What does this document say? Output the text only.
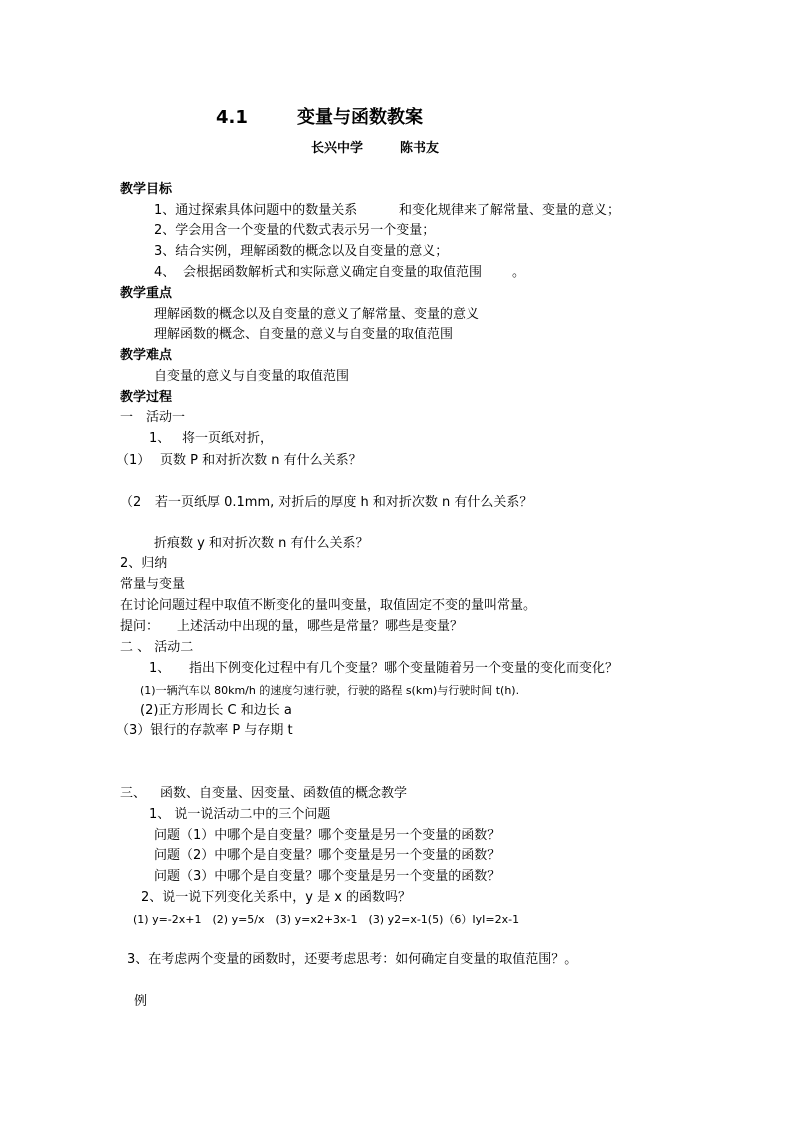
4.1	变量与函数教案
长兴中学	陈书友
教学目标
1、通过探索具体问题中的数量关系	和变化规律来了解常量、变量的意义；
2、学会用含一个变量的代数式表示另一个变量；
3、结合实例，理解函数的概念以及自变量的意义；
4、 会根据函数解析式和实际意义确定自变量的取值范围 。
教学重点
理解函数的概念以及自变量的意义了解常量、变量的意义
理解函数的概念、自变量的意义与自变量的取值范围
教学难点
自变量的意义与自变量的取值范围
教学过程
一　活动一
1、 将一页纸对折，
（1） 页数 P 和对折次数 n 有什么关系？
（2 若一页纸厚 0.1mm, 对折后的厚度 h 和对折次数 n 有什么关系？
折痕数 y 和对折次数 n 有什么关系？
2、归纳
常量与变量
在讨论问题过程中取值不断变化的量叫变量，取值固定不变的量叫常量。
提问： 上述活动中出现的量，哪些是常量？哪些是变量？
二 、 活动二
1、 指出下例变化过程中有几个变量？哪个变量随着另一个变量的变化而变化？
(1)一辆汽车以 80km/h 的速度匀速行驶，行驶的路程 s(km)与行驶时间 t(h).
(2)正方形周长 C 和边长 a
（3）银行的存款率 P 与存期 t
三、 函数、自变量、因变量、函数值的概念教学
1、 说一说活动二中的三个问题
问题（1）中哪个是自变量？哪个变量是另一个变量的函数？
问题（2）中哪个是自变量？哪个变量是另一个变量的函数？
问题（3）中哪个是自变量？哪个变量是另一个变量的函数？
2、说一说下列变化关系中，y 是 x 的函数吗？
(1) y=-2x+1　(2) y=5/x　(3) y=x2+3x-1　(3) y2=x-1(5)（6）IyI=2x-1
3、在考虑两个变量的函数时，还要考虑思考：如何确定自变量的取值范围？。
例
